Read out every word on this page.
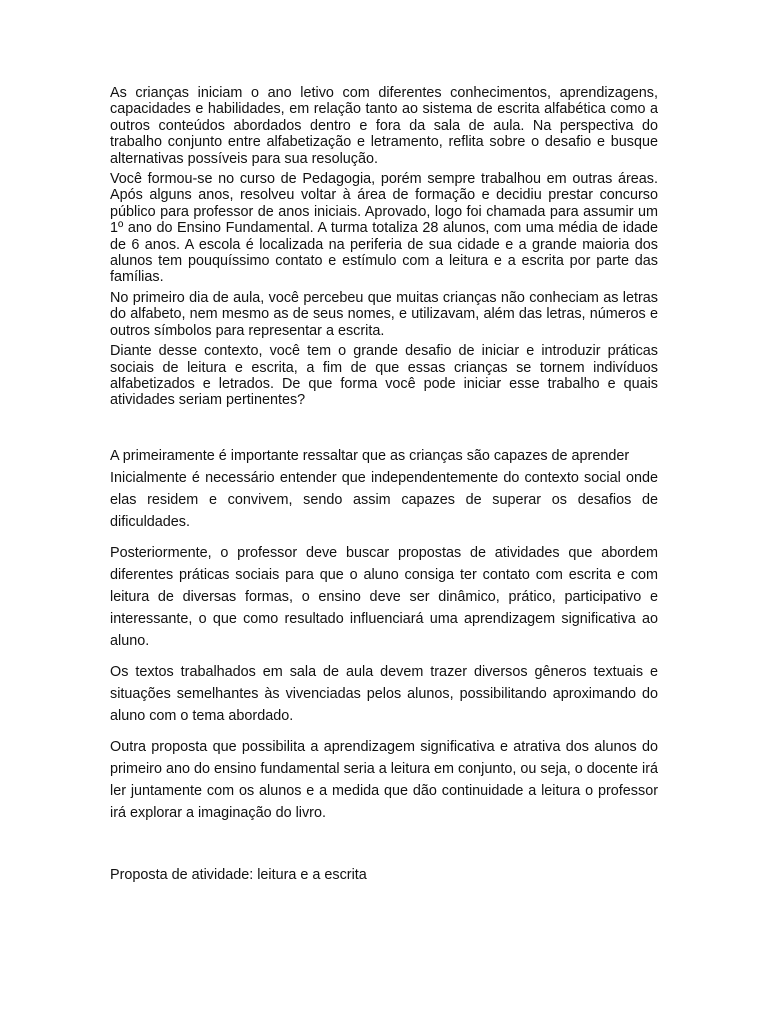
As crianças iniciam o ano letivo com diferentes conhecimentos, aprendizagens, capacidades e habilidades, em relação tanto ao sistema de escrita alfabética como a outros conteúdos abordados dentro e fora da sala de aula. Na perspectiva do trabalho conjunto entre alfabetização e letramento, reflita sobre o desafio e busque alternativas possíveis para sua resolução.

Você formou-se no curso de Pedagogia, porém sempre trabalhou em outras áreas. Após alguns anos, resolveu voltar à área de formação e decidiu prestar concurso público para professor de anos iniciais. Aprovado, logo foi chamada para assumir um 1º ano do Ensino Fundamental. A turma totaliza 28 alunos, com uma média de idade de 6 anos. A escola é localizada na periferia de sua cidade e a grande maioria dos alunos tem pouquíssimo contato e estímulo com a leitura e a escrita por parte das famílias.

No primeiro dia de aula, você percebeu que muitas crianças não conheciam as letras do alfabeto, nem mesmo as de seus nomes, e utilizavam, além das letras, números e outros símbolos para representar a escrita.

Diante desse contexto, você tem o grande desafio de iniciar e introduzir práticas sociais de leitura e escrita, a fim de que essas crianças se tornem indivíduos alfabetizados e letrados. De que forma você pode iniciar esse trabalho e quais atividades seriam pertinentes?

A primeiramente é importante ressaltar que as crianças são capazes de aprender

Inicialmente é necessário entender que independentemente do contexto social onde elas residem e convivem, sendo assim capazes de superar os desafios de dificuldades.

Posteriormente, o professor deve buscar propostas de atividades que abordem diferentes práticas sociais para que o aluno consiga ter contato com escrita e com leitura de diversas formas, o ensino deve ser dinâmico, prático, participativo e interessante, o que como resultado influenciará uma aprendizagem significativa ao aluno.

Os textos trabalhados em sala de aula devem trazer diversos gêneros textuais e situações semelhantes às vivenciadas pelos alunos, possibilitando aproximando do aluno com o tema abordado.

Outra proposta que possibilita a aprendizagem significativa e atrativa dos alunos do primeiro ano do ensino fundamental seria a leitura em conjunto, ou seja, o docente irá ler juntamente com os alunos e a medida que dão continuidade a leitura o professor irá explorar a imaginação do livro.

Proposta de atividade: leitura e a escrita
